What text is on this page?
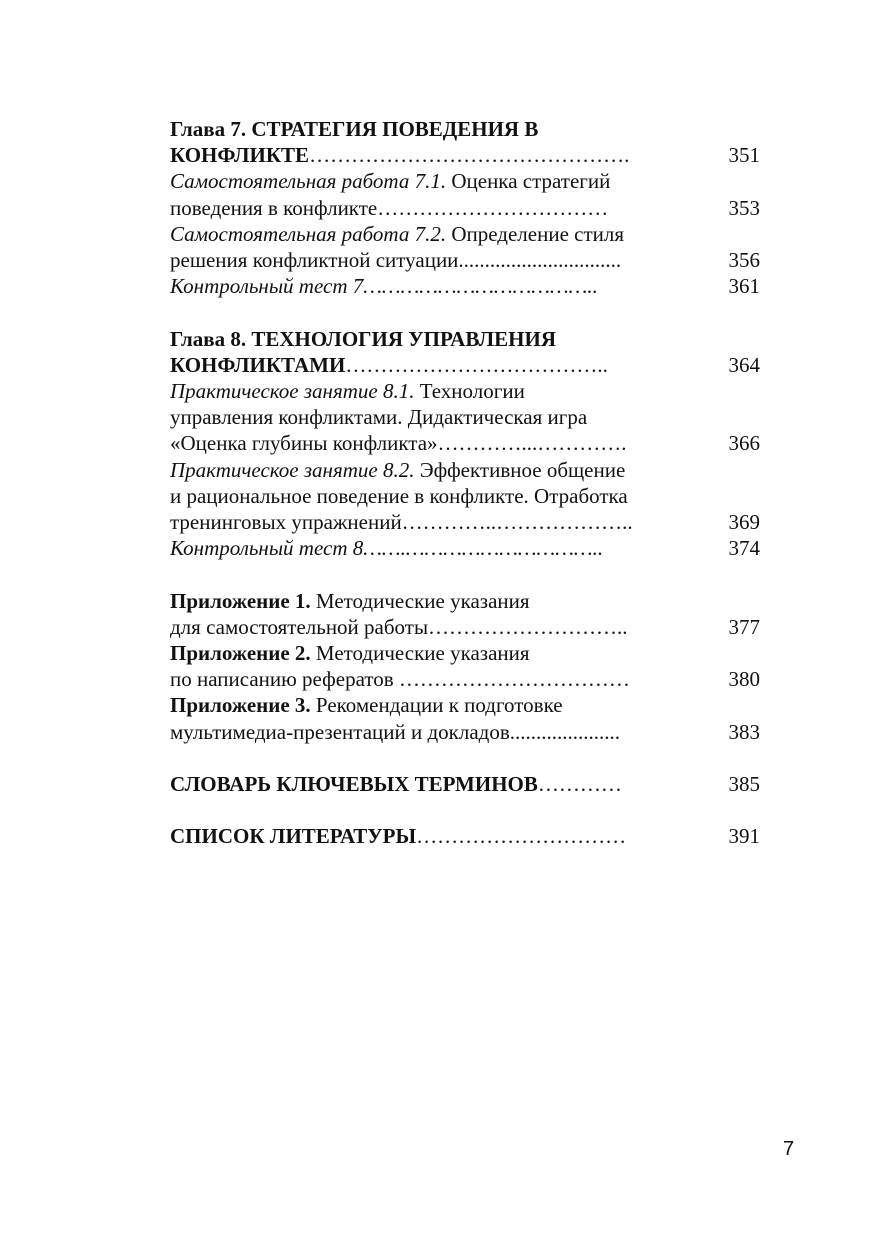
Глава 7. СТРАТЕГИЯ ПОВЕДЕНИЯ В
КОНФЛИКТЕ……………………………………….	351
Самостоятельная работа 7.1. Оценка стратегий
поведения в конфликте……………………………	353
Самостоятельная работа 7.2. Определение стиля
решения конфликтной ситуации...............................	356
Контрольный тест 7………………………………..	361
Глава 8. ТЕХНОЛОГИЯ УПРАВЛЕНИЯ
КОНФЛИКТАМИ………………………………..	364
Практическое занятие 8.1. Технологии
управления конфликтами. Дидактическая игра
«Оценка глубины конфликта»…………...………….	366
Практическое занятие 8.2. Эффективное общение
и рациональное поведение в конфликте. Отработка
тренинговых упражнений…………..………………..	369
Контрольный тест 8…….…………………………..	374
Приложение 1. Методические указания
для самостоятельной работы………………………..	377
Приложение 2. Методические указания
по написанию рефератов ……………………………	380
Приложение 3. Рекомендации к подготовке
мультимедиа-презентаций и докладов.....................	383
СЛОВАРЬ КЛЮЧЕВЫХ ТЕРМИНОВ…………	385
СПИСОК ЛИТЕРАТУРЫ…………………………	391
7
